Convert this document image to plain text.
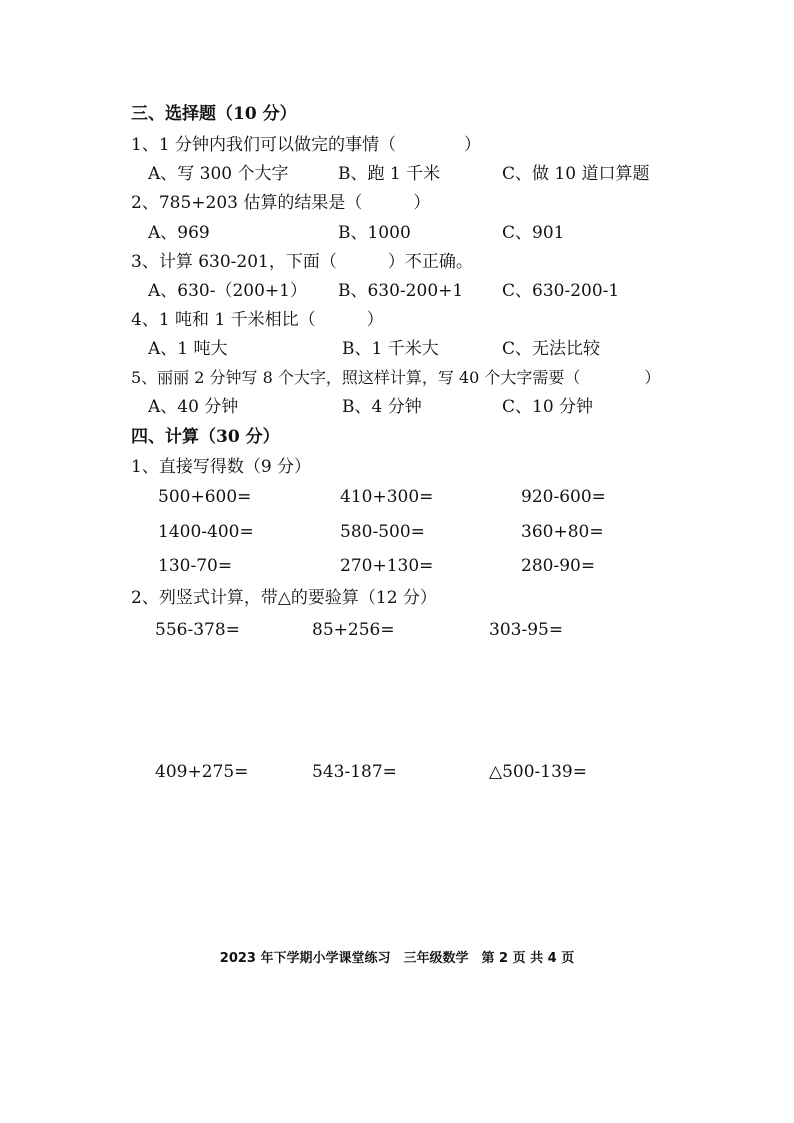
三、选择题（10 分）
1、1 分钟内我们可以做完的事情（　　　　）
A、写 300 个大字	B、跑 1 千米	C、做 10 道口算题
2、785+203 估算的结果是（　　　）
A、969	B、1000	C、901
3、计算 630-201，下面（　　　）不正确。
A、630-（200+1） B、630-200+1 C、630-200-1
4、1 吨和 1 千米相比（　　　）
A、1 吨大	B、1 千米大	C、无法比较
5、丽丽 2 分钟写 8 个大字，照这样计算，写 40 个大字需要（　　　　）
A、40 分钟	B、4 分钟	C、10 分钟
四、计算（30 分）
1、直接写得数（9 分）
500+600=	410+300=	920-600=
1400-400=	580-500=	360+80=
130-70=	270+130=	280-90=
2、列竖式计算，带△的要验算（12 分）
556-378=	85+256=	303-95=
409+275=	543-187=	△500-139=
2023 年下学期小学课堂练习　三年级数学　第 2 页 共 4 页
